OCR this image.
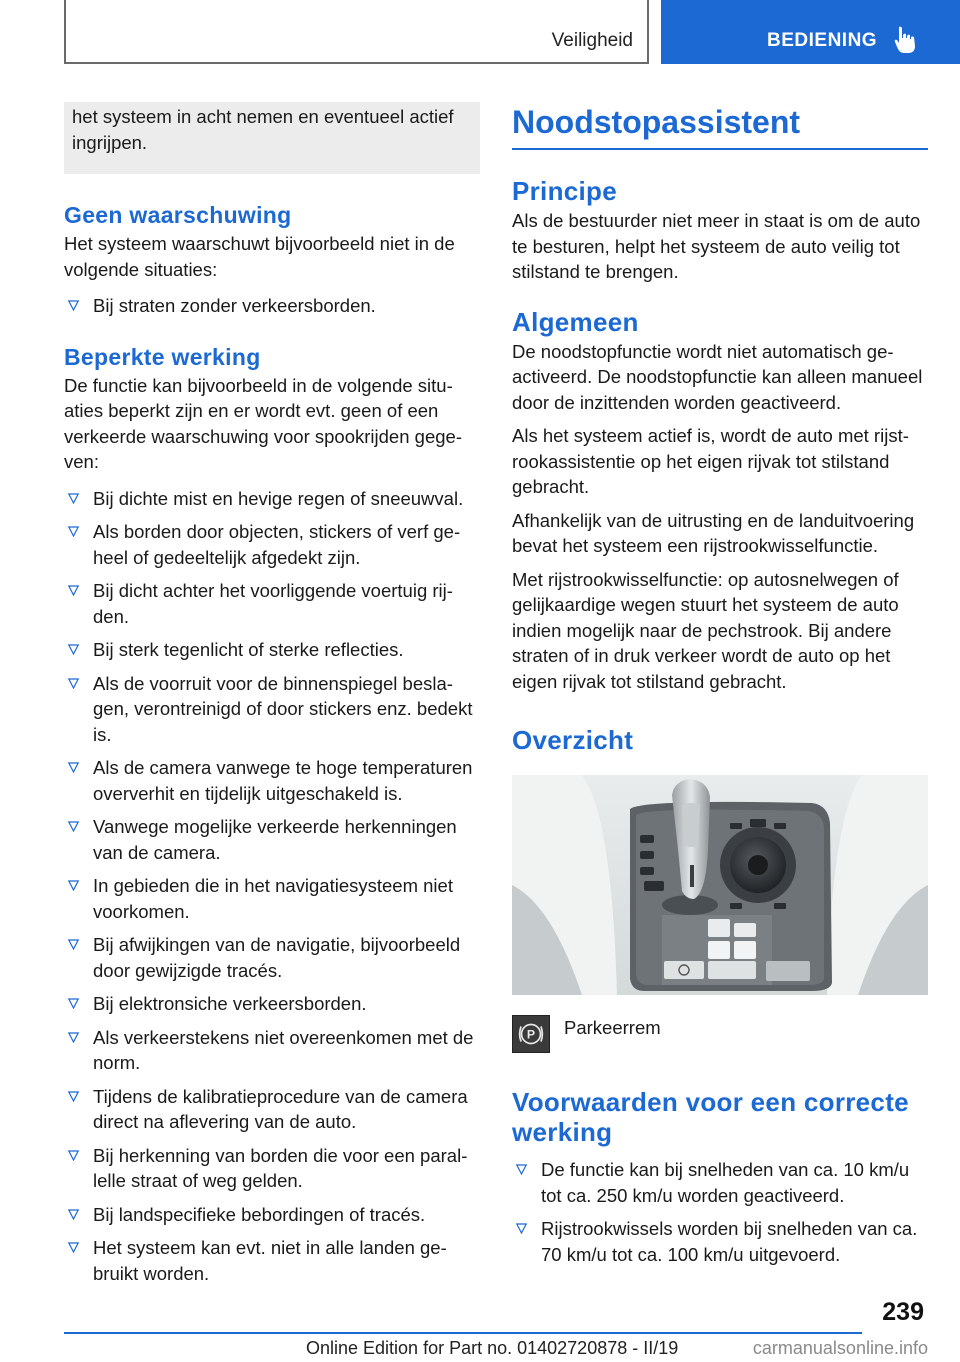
Veiligheid	BEDIENING

het systeem in acht nemen en eventueel actief ingrijpen.

Geen waarschuwing

Het systeem waarschuwt bijvoorbeeld niet in de volgende situaties:

Bij straten zonder verkeersborden.
Beperkte werking

De functie kan bijvoorbeeld in de volgende situaties beperkt zijn en er wordt evt. geen of een verkeerde waarschuwing voor spookrijden gegeven:

Bij dichte mist en hevige regen of sneeuwval.
Als borden door objecten, stickers of verf geheel of gedeeltelijk afgedekt zijn.
Bij dicht achter het voorliggende voertuig rijden.
Bij sterk tegenlicht of sterke reflecties.
Als de voorruit voor de binnenspiegel beslagen, verontreinigd of door stickers enz. bedekt is.
Als de camera vanwege te hoge temperaturen oververhit en tijdelijk uitgeschakeld is.
Vanwege mogelijke verkeerde herkenningen van de camera.
In gebieden die in het navigatiesysteem niet voorkomen.
Bij afwijkingen van de navigatie, bijvoorbeeld door gewijzigde tracés.
Bij elektronsiche verkeersborden.
Als verkeerstekens niet overeenkomen met de norm.
Tijdens de kalibratieprocedure van de camera direct na aflevering van de auto.
Bij herkenning van borden die voor een parallelle straat of weg gelden.
Bij landspecifieke bebordingen of tracés.
Het systeem kan evt. niet in alle landen gebruikt worden.
Noodstopassistent
Principe

Als de bestuurder niet meer in staat is om de auto te besturen, helpt het systeem de auto veilig tot stilstand te brengen.

Algemeen

De noodstopfunctie wordt niet automatisch geactiveerd. De noodstopfunctie kan alleen manueel door de inzittenden worden geactiveerd.

Als het systeem actief is, wordt de auto met rijstrookassistentie op het eigen rijvak tot stilstand gebracht.

Afhankelijk van de uitrusting en de landuitvoering bevat het systeem een rijstrookwisselfunctie.

Met rijstrookwisselfunctie: op autosnelwegen of gelijkaardige wegen stuurt het systeem de auto indien mogelijk naar de pechstrook. Bij andere straten of in druk verkeer wordt de auto op het eigen rijvak tot stilstand gebracht.

Overzicht
P Parkeerrem
Voorwaarden voor een correcte werking
De functie kan bij snelheden van ca. 10 km/u tot ca. 250 km/u worden geactiveerd.
Rijstrookwissels worden bij snelheden van ca. 70 km/u tot ca. 100 km/u uitgevoerd.
239
Online Edition for Part no. 01402720878 - II/19	carmanualsonline.info
